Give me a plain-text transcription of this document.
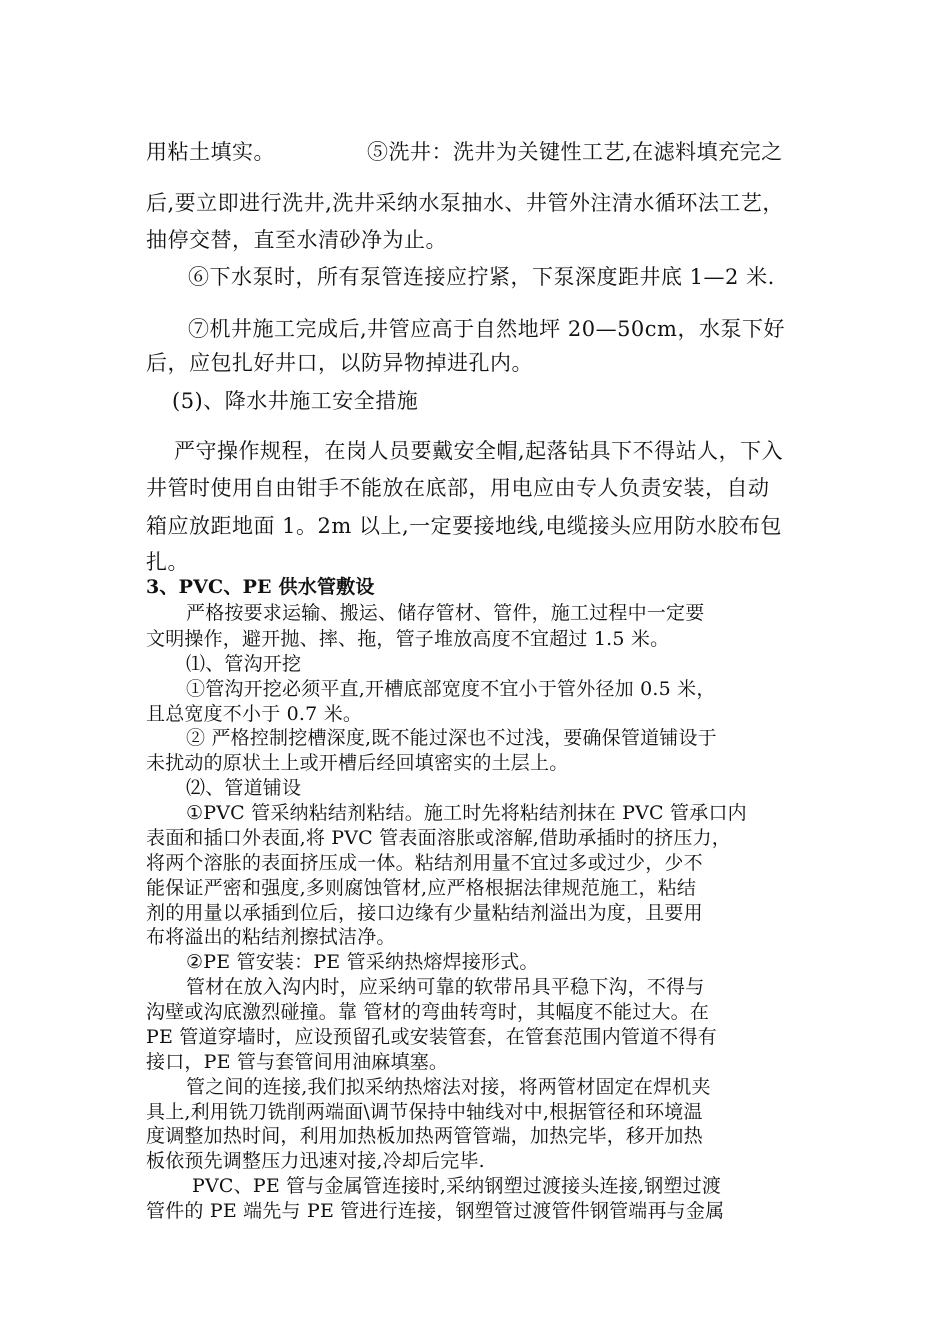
用粘土填实。	⑤洗井：洗井为关键性工艺,在滤料填充完之
后,要立即进行洗井,洗井采纳水泵抽水、井管外注清水循环法工艺，
抽停交替，直至水清砂净为止。
⑥下水泵时，所有泵管连接应拧紧，下泵深度距井底 1—2 米.
⑦机井施工完成后,井管应高于自然地坪 20—50cm，水泵下好
后，应包扎好井口，以防异物掉进孔内。
(5)、降水井施工安全措施
严守操作规程，在岗人员要戴安全帽,起落钻具下不得站人，下入
井管时使用自由钳手不能放在底部，用电应由专人负责安装，自动
箱应放距地面 1。2m 以上,一定要接地线,电缆接头应用防水胶布包
扎。
3、PVC、PE 供水管敷设
严格按要求运输、搬运、储存管材、管件，施工过程中一定要
文明操作，避开抛、摔、拖，管子堆放高度不宜超过 1.5 米。
⑴、管沟开挖
①管沟开挖必须平直,开槽底部宽度不宜小于管外径加 0.5 米，
且总宽度不小于 0.7 米。
② 严格控制挖槽深度,既不能过深也不过浅，要确保管道铺设于
未扰动的原状土上或开槽后经回填密实的土层上。
⑵、管道铺设
①PVC 管采纳粘结剂粘结。施工时先将粘结剂抹在 PVC 管承口内
表面和插口外表面,将 PVC 管表面溶胀或溶解,借助承插时的挤压力，
将两个溶胀的表面挤压成一体。粘结剂用量不宜过多或过少，少不
能保证严密和强度,多则腐蚀管材,应严格根据法律规范施工，粘结
剂的用量以承插到位后，接口边缘有少量粘结剂溢出为度，且要用
布将溢出的粘结剂擦拭洁净。
②PE 管安装：PE 管采纳热熔焊接形式。
管材在放入沟内时，应采纳可靠的软带吊具平稳下沟，不得与
沟壁或沟底激烈碰撞。靠 管材的弯曲转弯时，其幅度不能过大。在
PE 管道穿墙时，应设预留孔或安装管套，在管套范围内管道不得有
接口，PE 管与套管间用油麻填塞。
管之间的连接,我们拟采纳热熔法对接，将两管材固定在焊机夹
具上,利用铣刀铣削两端面\调节保持中轴线对中,根据管径和环境温
度调整加热时间，利用加热板加热两管管端，加热完毕，移开加热
板依预先调整压力迅速对接,冷却后完毕.
PVC、PE 管与金属管连接时,采纳钢塑过渡接头连接,钢塑过渡
管件的 PE 端先与 PE 管进行连接，钢塑管过渡管件钢管端再与金属
